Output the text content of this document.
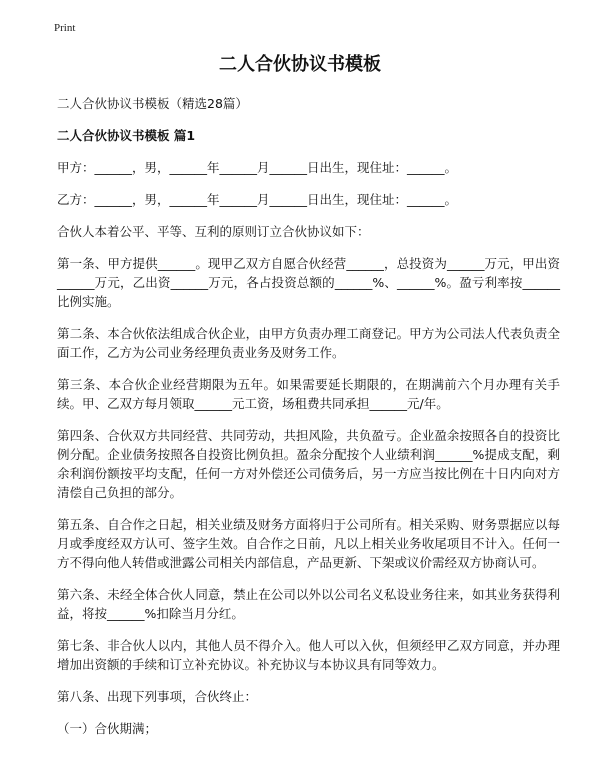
Print
二人合伙协议书模板

二人合伙协议书模板（精选28篇）

二人合伙协议书模板 篇1

甲方：______，男，______年______月______日出生，现住址：______。

乙方：______，男，______年______月______日出生，现住址：______。

合伙人本着公平、平等、互利的原则订立合伙协议如下：

第一条、甲方提供______。现甲乙双方自愿合伙经营______，总投资为______万元，甲出资______万元，乙出资______万元，各占投资总额的______%、______%。盈亏利率按______比例实施。

第二条、本合伙依法组成合伙企业，由甲方负责办理工商登记。甲方为公司法人代表负责全面工作，乙方为公司业务经理负责业务及财务工作。

第三条、本合伙企业经营期限为五年。如果需要延长期限的，在期满前六个月办理有关手续。甲、乙双方每月领取______元工资，场租费共同承担______元/年。

第四条、合伙双方共同经营、共同劳动，共担风险，共负盈亏。企业盈余按照各自的投资比例分配。企业债务按照各自投资比例负担。盈余分配按个人业绩利润______%提成支配，剩余利润份额按平均支配，任何一方对外偿还公司债务后，另一方应当按比例在十日内向对方清偿自己负担的部分。

第五条、自合作之日起，相关业绩及财务方面将归于公司所有。相关采购、财务票据应以每月或季度经双方认可、签字生效。自合作之日前，凡以上相关业务收尾项目不计入。任何一方不得向他人转借或泄露公司相关内部信息，产品更新、下架或议价需经双方协商认可。

第六条、未经全体合伙人同意，禁止在公司以外以公司名义私设业务往来，如其业务获得利益，将按______%扣除当月分红。

第七条、非合伙人以内，其他人员不得介入。他人可以入伙，但须经甲乙双方同意，并办理增加出资额的手续和订立补充协议。补充协议与本协议具有同等效力。

第八条、出现下列事项，合伙终止：

（一）合伙期满；
